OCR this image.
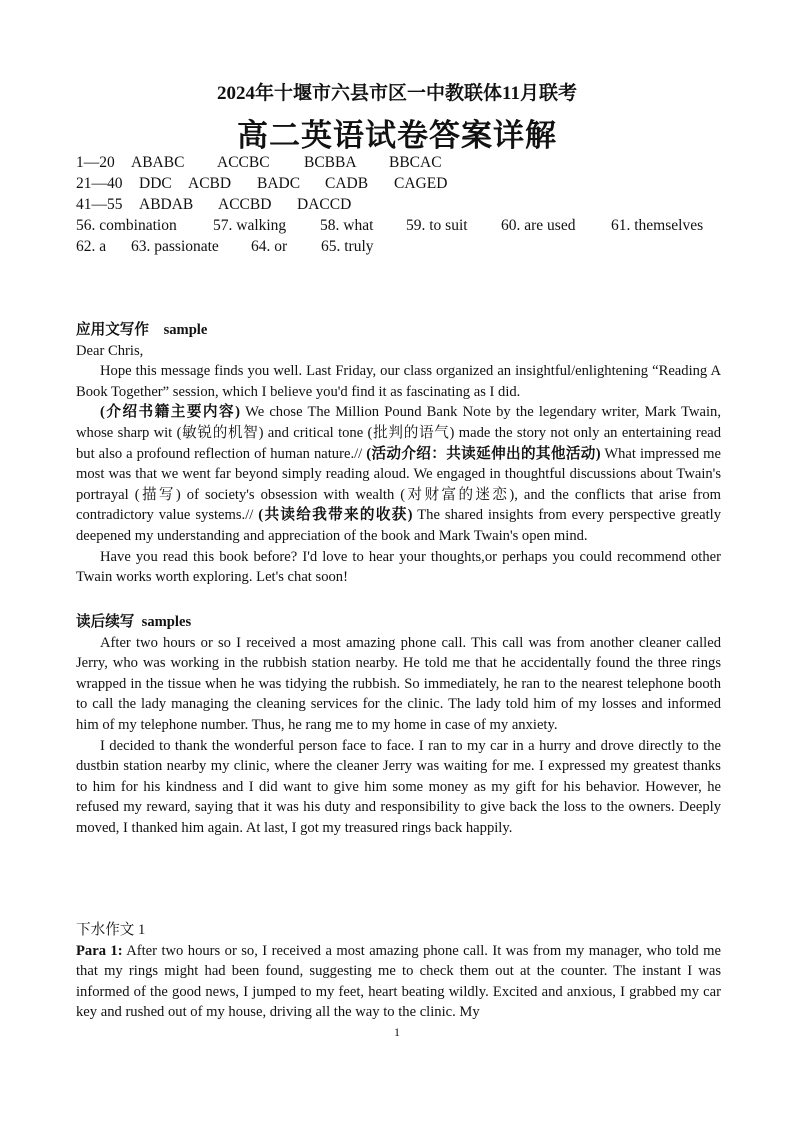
2024年十堰市六县市区一中教联体11月联考
高二英语试卷答案详解
1—20 ABABC ACCBC BCBBA BBCAC
21—40 DDC ACBD BADC CADB CAGED
41—55 ABDAB ACCBD DACCD
56. combination 57. walking 58. what 59. to suit 60. are used 61. themselves
62. a 63. passionate 64. or 65. truly

应用文写作    sample

Dear Chris,

Hope this message finds you well. Last Friday, our class organized an insightful/enlightening “Reading A Book Together” session, which I believe you'd find it as fascinating as I did.

(介绍书籍主要内容) We chose The Million Pound Bank Note by the legendary writer, Mark Twain, whose sharp wit (敏锐的机智) and critical tone (批判的语气) made the story not only an entertaining read but also a profound reflection of human nature.// (活动介绍：共读延伸出的其他活动) What impressed me most was that we went far beyond simply reading aloud. We engaged in thoughtful discussions about Twain's portrayal (描写) of society's obsession with wealth (对财富的迷恋), and the conflicts that arise from contradictory value systems.// (共读给我带来的收获) The shared insights from every perspective greatly deepened my understanding and appreciation of the book and Mark Twain's open mind.

Have you read this book before? I'd love to hear your thoughts,or perhaps you could recommend other Twain works worth exploring. Let's chat soon!

读后续写  samples

After two hours or so I received a most amazing phone call. This call was from another cleaner called Jerry, who was working in the rubbish station nearby. He told me that he accidentally found the three rings wrapped in the tissue when he was tidying the rubbish. So immediately, he ran to the nearest telephone booth to call the lady managing the cleaning services for the clinic. The lady told him of my losses and informed him of my telephone number. Thus, he rang me to my home in case of my anxiety.

I decided to thank the wonderful person face to face. I ran to my car in a hurry and drove directly to the dustbin station nearby my clinic, where the cleaner Jerry was waiting for me. I expressed my greatest thanks to him for his kindness and I did want to give him some money as my gift for his behavior. However, he refused my reward, saying that it was his duty and responsibility to give back the loss to the owners. Deeply moved, I thanked him again. At last, I got my treasured rings back happily.

下水作文 1

Para 1: After two hours or so, I received a most amazing phone call. It was from my manager, who told me that my rings might had been found, suggesting me to check them out at the counter. The instant I was informed of the good news, I jumped to my feet, heart beating wildly. Excited and anxious, I grabbed my car key and rushed out of my house, driving all the way to the clinic. My

1
